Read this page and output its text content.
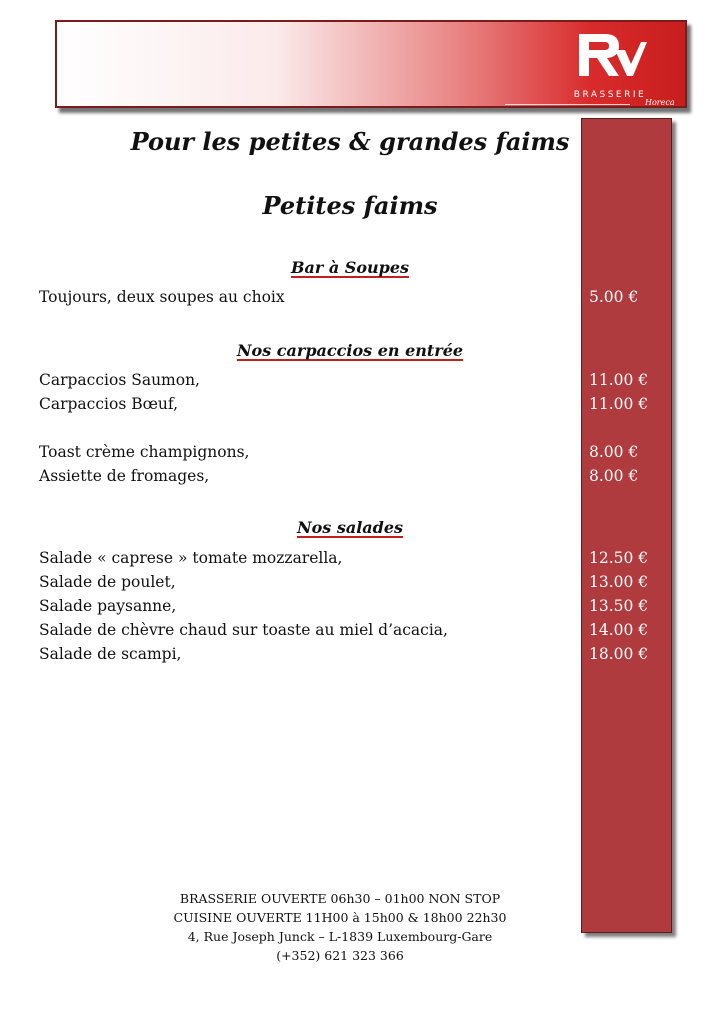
BRASSERIE
Horeca
Pour les petites & grandes faims
Petites faims
Bar à Soupes
Toujours, deux soupes au choix	5.00 €
Nos carpaccios en entrée
Carpaccios Saumon,	11.00 €
Carpaccios Bœuf,	11.00 €
Toast crème champignons,	8.00 €
Assiette de fromages,	8.00 €
Nos salades
Salade « caprese » tomate mozzarella,	12.50 €
Salade de poulet,	13.00 €
Salade paysanne,	13.50 €
Salade de chèvre chaud sur toaste au miel d’acacia,	14.00 €
Salade de scampi,	18.00 €
BRASSERIE OUVERTE 06h30 – 01h00 NON STOP
CUISINE OUVERTE 11H00 à 15h00 & 18h00 22h30
4, Rue Joseph Junck – L-1839 Luxembourg-Gare
(+352) 621 323 366
